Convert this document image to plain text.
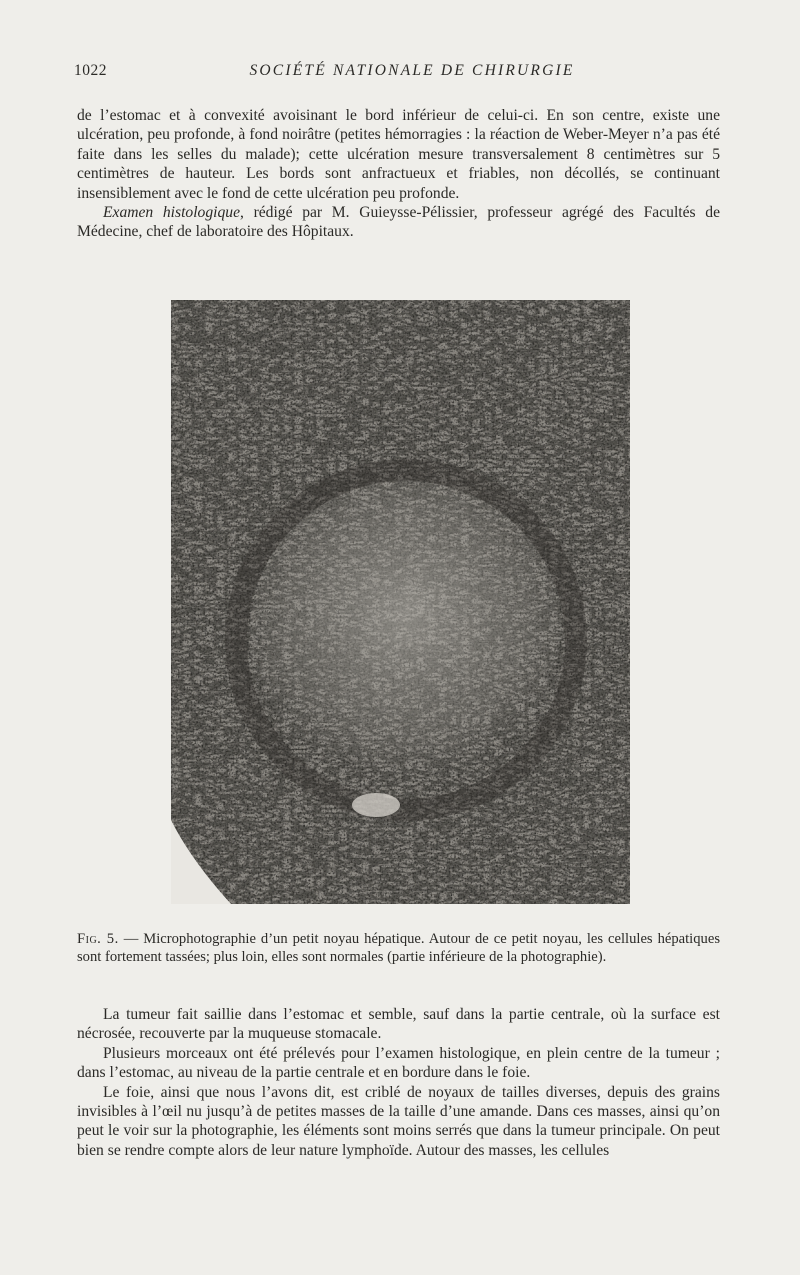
1022	SOCIÉTÉ NATIONALE DE CHIRURGIE

de l’estomac et à convexité avoisinant le bord inférieur de celui-ci. En son centre, existe une ulcération, peu profonde, à fond noirâtre (petites hémorragies : la réaction de Weber-Meyer n’a pas été faite dans les selles du malade); cette ulcération mesure transversalement 8 centimètres sur 5 centimètres de hauteur. Les bords sont anfractueux et friables, non décollés, se continuant insensiblement avec le fond de cette ulcération peu profonde.

Examen histologique, rédigé par M. Guieysse-Pélissier, professeur agrégé des Facultés de Médecine, chef de laboratoire des Hôpitaux.

Fig. 5. — Microphotographie d’un petit noyau hépatique. Autour de ce petit noyau, les cellules hépatiques sont fortement tassées; plus loin, elles sont normales (partie inférieure de la photographie).

La tumeur fait saillie dans l’estomac et semble, sauf dans la partie centrale, où la surface est nécrosée, recouverte par la muqueuse stomacale.

Plusieurs morceaux ont été prélevés pour l’examen histologique, en plein centre de la tumeur ; dans l’estomac, au niveau de la partie centrale et en bordure dans le foie.

Le foie, ainsi que nous l’avons dit, est criblé de noyaux de tailles diverses, depuis des grains invisibles à l’œil nu jusqu’à de petites masses de la taille d’une amande. Dans ces masses, ainsi qu’on peut le voir sur la photographie, les éléments sont moins serrés que dans la tumeur principale. On peut bien se rendre compte alors de leur nature lymphoïde. Autour des masses, les cellules
